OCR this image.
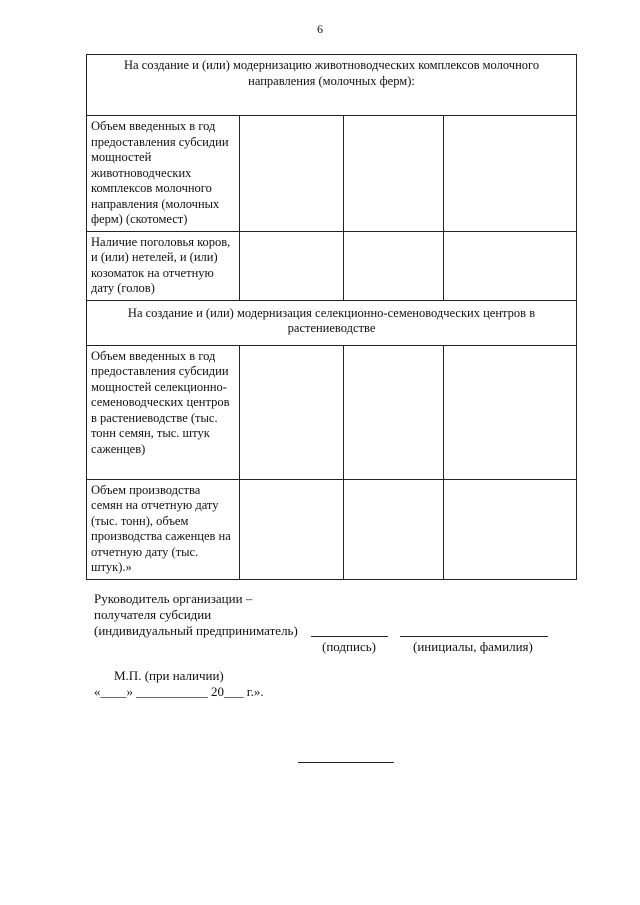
6
На создание и (или) модернизацию животноводческих комплексов молочного направления (молочных ферм):			
Объем введенных в год предоставления субсидии мощностей животноводческих комплексов молочного направления (молочных ферм) (скотомест)			
Наличие поголовья коров, и (или) нетелей, и (или) козоматок на отчетную дату (голов)			
На создание и (или) модернизация селекционно-семеноводческих центров в растениеводстве			
Объем введенных в год предоставления субсидии мощностей селекционно-семеноводческих центров в растениеводстве (тыс. тонн семян, тыс. штук саженцев)			
Объем производства семян на отчетную дату (тыс. тонн), объем производства саженцев на отчетную дату (тыс. штук).»			
Руководитель организации –
получателя субсидии
(индивидуальный предприниматель)
(подпись)	(инициалы, фамилия)
М.П. (при наличии)
«____» ___________ 20___ г.».
